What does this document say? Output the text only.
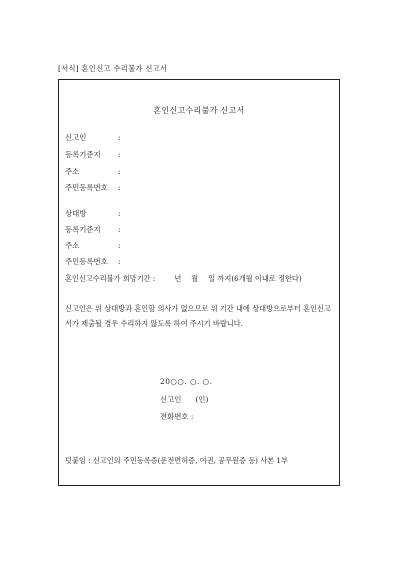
[서식] 혼인신고 수리불가 신고서
혼인신고수리불가 신고서
신고인	:
등록기준지 :
주소	:
주민등록번호 :
상대방	:
등록기준지 :
주소	:
주민등록번호 :
혼인신고수리불가 희망기간 :	년 월 일 까지(6개월 이내로 정한다)
신고인은 위 상대방과 혼인할 의사가 없으므로 위 기간 내에 상대방으로부터 혼인신고서가 제출될 경우 수리하지 않도록 하여 주시기 바랍니다.
20○○. ○. ○.
신고인 (인)
전화번호 :
덧붙임 : 신고인의 주민등록증(운전면허증, 여권, 공무원증 등) 사본 1부
